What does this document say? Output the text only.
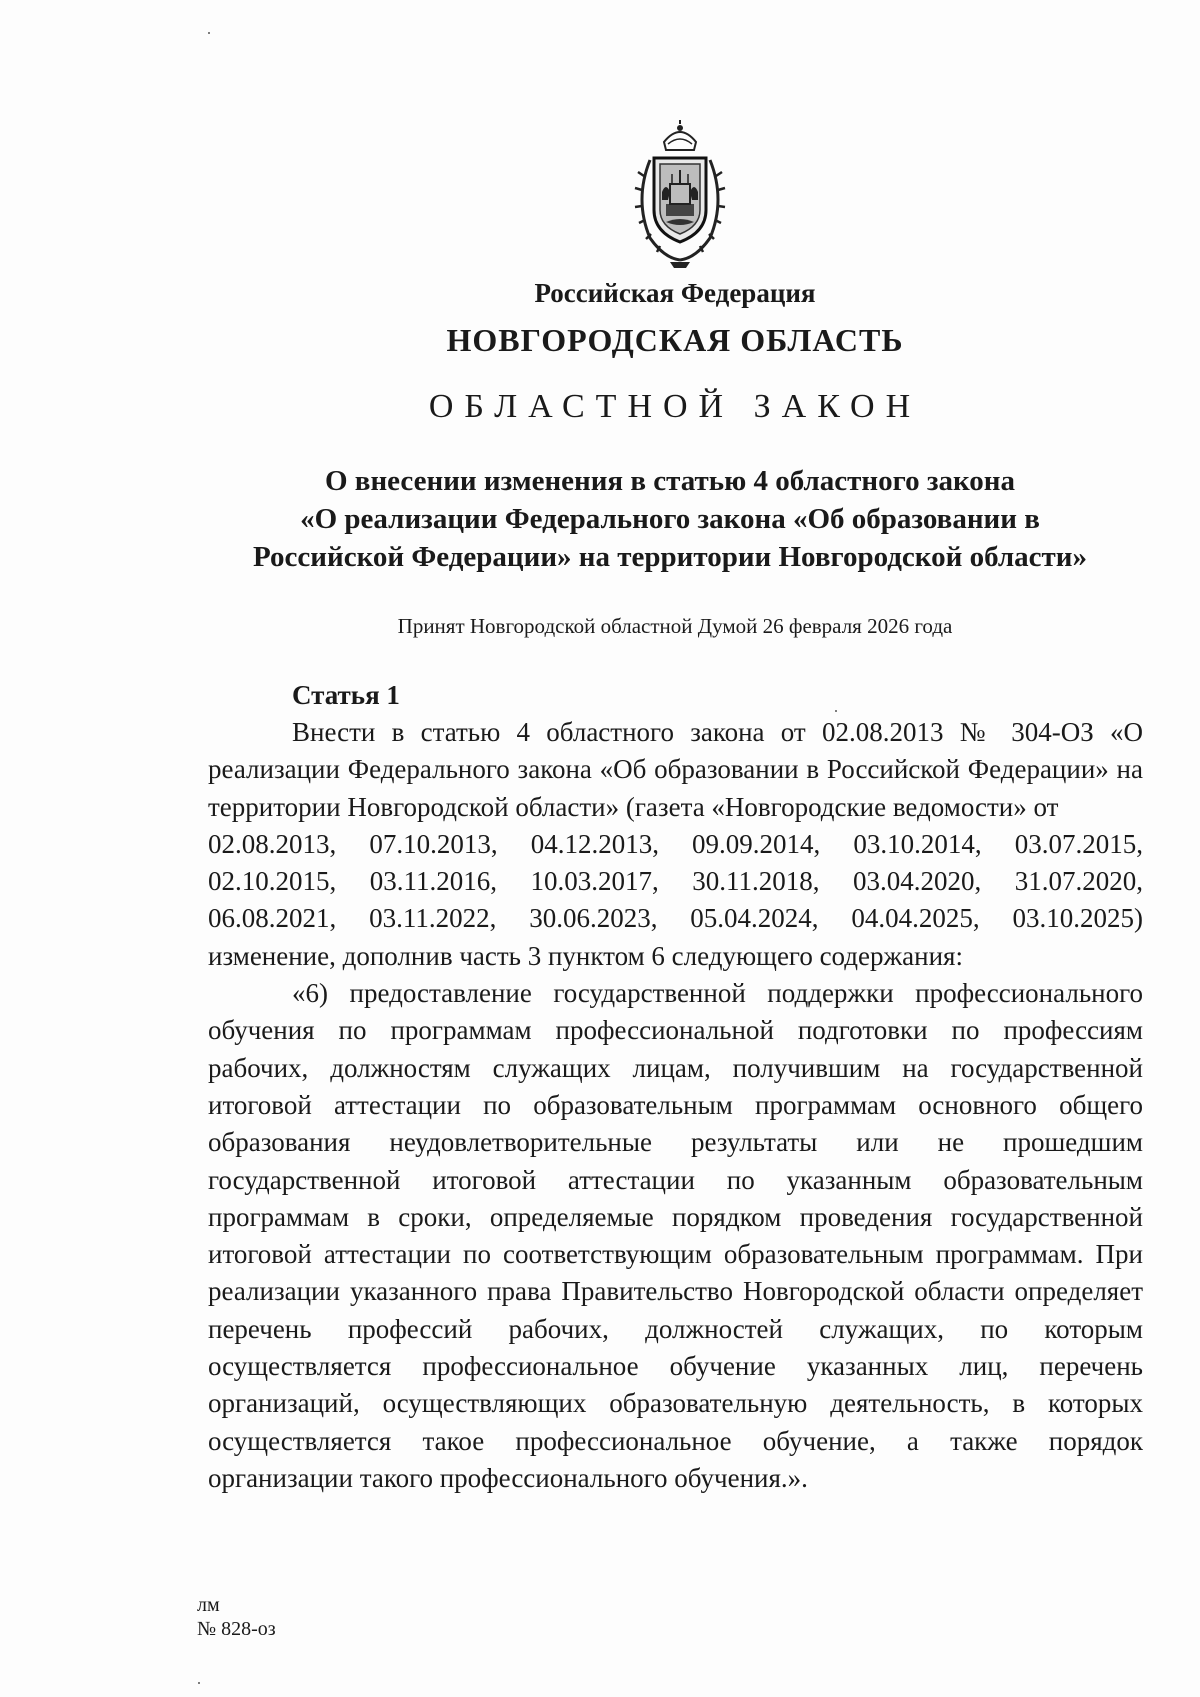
Российская Федерация
НОВГОРОДСКАЯ ОБЛАСТЬ
ОБЛАСТНОЙ ЗАКОН
О внесении изменения в статью 4 областного закона
«О реализации Федерального закона «Об образовании в
Российской Федерации» на территории Новгородской области»
Принят Новгородской областной Думой 26 февраля 2026 года
Статья 1

Внести в статью 4 областного закона от 02.08.2013 № 304-ОЗ «О реализации Федерального закона «Об образовании в Российской Федерации» на территории Новгородской области» (газета «Новгородские ведомости» от

02.08.2013, 07.10.2013, 04.12.2013, 09.09.2014, 03.10.2014, 03.07.2015,

02.10.2015, 03.11.2016, 10.03.2017, 30.11.2018, 03.04.2020, 31.07.2020,

06.08.2021, 03.11.2022, 30.06.2023, 05.04.2024, 04.04.2025, 03.10.2025)

изменение, дополнив часть 3 пунктом 6 следующего содержания:

«6) предоставление государственной поддержки профессионального обучения по программам профессиональной подготовки по профессиям рабочих, должностям служащих лицам, получившим на государственной итоговой аттестации по образовательным программам основного общего образования неудовлетворительные результаты или не прошедшим государственной итоговой аттестации по указанным образовательным программам в сроки, определяемые порядком проведения государственной итоговой аттестации по соответствующим образовательным программам. При реализации указанного права Правительство Новгородской области определяет перечень профессий рабочих, должностей служащих, по которым осуществляется профессиональное обучение указанных лиц, перечень организаций, осуществляющих образовательную деятельность, в которых осуществляется такое профессиональное обучение, а также порядок организации такого профессионального обучения.».

лм
№ 828-оз
